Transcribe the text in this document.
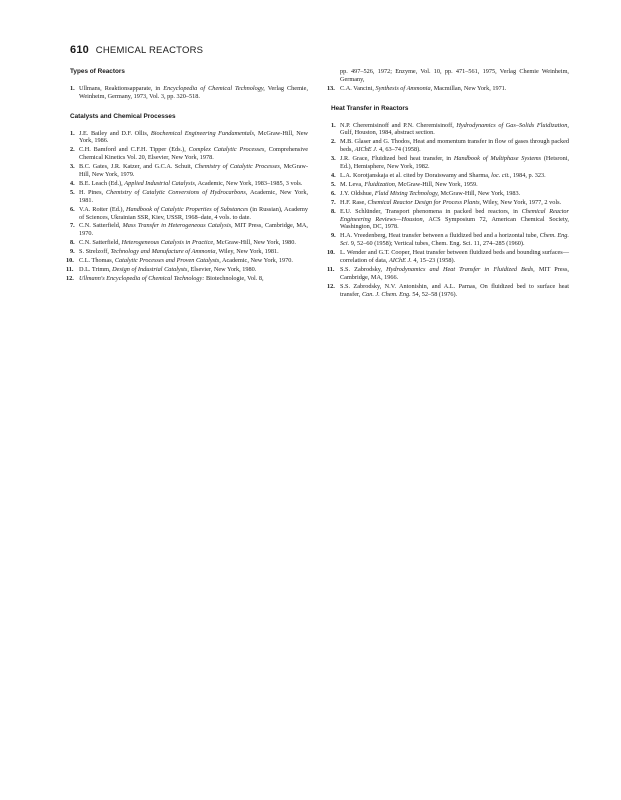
610 CHEMICAL REACTORS
Types of Reactors
1. Ullmans, Reaktionsapparate, in Encyclopedia of Chemical Technology, Verlag Chemie, Weinheim, Germany, 1973, Vol. 3, pp. 320–518.
Catalysts and Chemical Processes
1. J.E. Bailey and D.F. Ollis, Biochemical Engineering Fundamentals, McGraw-Hill, New York, 1986.
2. C.H. Bamford and C.F.H. Tipper (Eds.), Complex Catalytic Processes, Comprehensive Chemical Kinetics Vol. 20, Elsevier, New York, 1978.
3. B.C. Gates, J.R. Katzer, and G.C.A. Schuit, Chemistry of Catalytic Processes, McGraw-Hill, New York, 1979.
4. B.E. Leach (Ed.), Applied Industrial Catalysis, Academic, New York, 1983–1985, 3 vols.
5. H. Pines, Chemistry of Catalytic Conversions of Hydrocarbons, Academic, New York, 1981.
6. V.A. Roiter (Ed.), Handbook of Catalytic Properties of Substances (in Russian), Academy of Sciences, Ukrainian SSR, Kiev, USSR, 1968–date, 4 vols. to date.
7. C.N. Satterfield, Mass Transfer in Heterogeneous Catalysis, MIT Press, Cambridge, MA, 1970.
8. C.N. Satterfield, Heterogeneous Catalysis in Practice, McGraw-Hill, New York, 1980.
9. S. Strelzoff, Technology and Manufacture of Ammonia, Wiley, New York, 1981.
10. C.L. Thomas, Catalytic Processes and Proven Catalysts, Academic, New York, 1970.
11. D.L. Trimm, Design of Industrial Catalysts, Elsevier, New York, 1980.
12. Ullmann's Encyclopedia of Chemical Technology: Biotechnologie, Vol. 8,
pp. 497–526, 1972; Enzyme, Vol. 10, pp. 471–561, 1975, Verlag Chemie Weinheim, Germany,
13. C.A. Vancini, Synthesis of Ammonia, Macmillan, New York, 1971.
Heat Transfer in Reactors
1. N.P. Cheremisinoff and P.N. Cheremisinoff, Hydrodynamics of Gas–Solids Fluidization, Gulf, Houston, 1984, abstract section.
2. M.B. Glaser and G. Thodos, Heat and momentum transfer in flow of gases through packed beds, AIChE J. 4, 63–74 (1958).
3. J.R. Grace, Fluidized bed heat transfer, in Handbook of Multiphase Systems (Hetsroni, Ed.), Hemisphere, New York, 1982.
4. L.A. Korotjanskaja et al. cited by Doraiswamy and Sharma, loc. cit., 1984, p. 323.
5. M. Leva, Fluidization, McGraw-Hill, New York, 1959.
6. J.Y. Oldshue, Fluid Mixing Technology, McGraw-Hill, New York, 1983.
7. H.F. Rase, Chemical Reactor Design for Process Plants, Wiley, New York, 1977, 2 vols.
8. E.U. Schlünder, Transport phenomena in packed bed reactors, in Chemical Reactor Engineering Reviews—Houston, ACS Symposium 72, American Chemical Society, Washington, DC, 1978.
9. H.A. Vreedenberg, Heat transfer between a fluidized bed and a horizontal tube, Chem. Eng. Sci. 9, 52–60 (1958); Vertical tubes, Chem. Eng. Sci. 11, 274–285 (1960).
10. L. Wender and G.T. Cooper, Heat transfer between fluidized beds and bounding surfaces—correlation of data, AIChE J. 4, 15–23 (1958).
11. S.S. Zabrodsky, Hydrodynamics and Heat Transfer in Fluidized Beds, MIT Press, Cambridge, MA, 1966.
12. S.S. Zabrodsky, N.V. Antonishin, and A.L. Parnas, On fluidized bed to surface heat transfer, Can. J. Chem. Eng. 54, 52–58 (1976).
